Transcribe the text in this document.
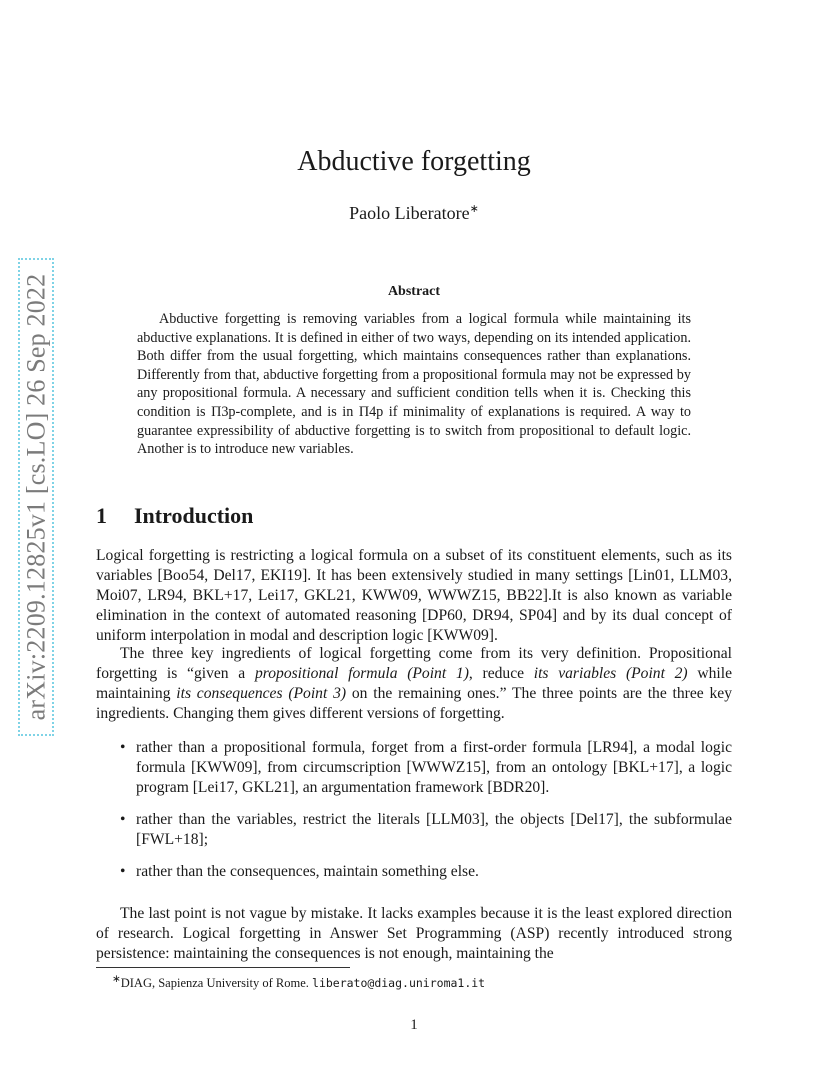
arXiv:2209.12825v1 [cs.LO] 26 Sep 2022
Abductive forgetting
Paolo Liberatore∗
Abstract
Abductive forgetting is removing variables from a logical formula while maintaining its abductive explanations. It is defined in either of two ways, depending on its intended application. Both differ from the usual forgetting, which maintains consequences rather than explanations. Differently from that, abductive forgetting from a propositional formula may not be expressed by any propositional formula. A necessary and sufficient condition tells when it is. Checking this condition is Π3p-complete, and is in Π4p if minimality of explanations is required. A way to guarantee expressibility of abductive forgetting is to switch from propositional to default logic. Another is to introduce new variables.
1 Introduction
Logical forgetting is restricting a logical formula on a subset of its constituent elements, such as its variables [Boo54, Del17, EKI19]. It has been extensively studied in many settings [Lin01, LLM03, Moi07, LR94, BKL+17, Lei17, GKL21, KWW09, WWWZ15, BB22].It is also known as variable elimination in the context of automated reasoning [DP60, DR94, SP04] and by its dual concept of uniform interpolation in modal and description logic [KWW09].
The three key ingredients of logical forgetting come from its very definition. Propositional forgetting is “given a propositional formula (Point 1), reduce its variables (Point 2) while maintaining its consequences (Point 3) on the remaining ones.” The three points are the three key ingredients. Changing them gives different versions of forgetting.
• rather than a propositional formula, forget from a first-order formula [LR94], a modal logic formula [KWW09], from circumscription [WWWZ15], from an ontology [BKL+17], a logic program [Lei17, GKL21], an argumentation framework [BDR20].
• rather than the variables, restrict the literals [LLM03], the objects [Del17], the subformulae [FWL+18];
• rather than the consequences, maintain something else.
The last point is not vague by mistake. It lacks examples because it is the least explored direction of research. Logical forgetting in Answer Set Programming (ASP) recently introduced strong persistence: maintaining the consequences is not enough, maintaining the
∗DIAG, Sapienza University of Rome. liberato@diag.uniroma1.it
1
